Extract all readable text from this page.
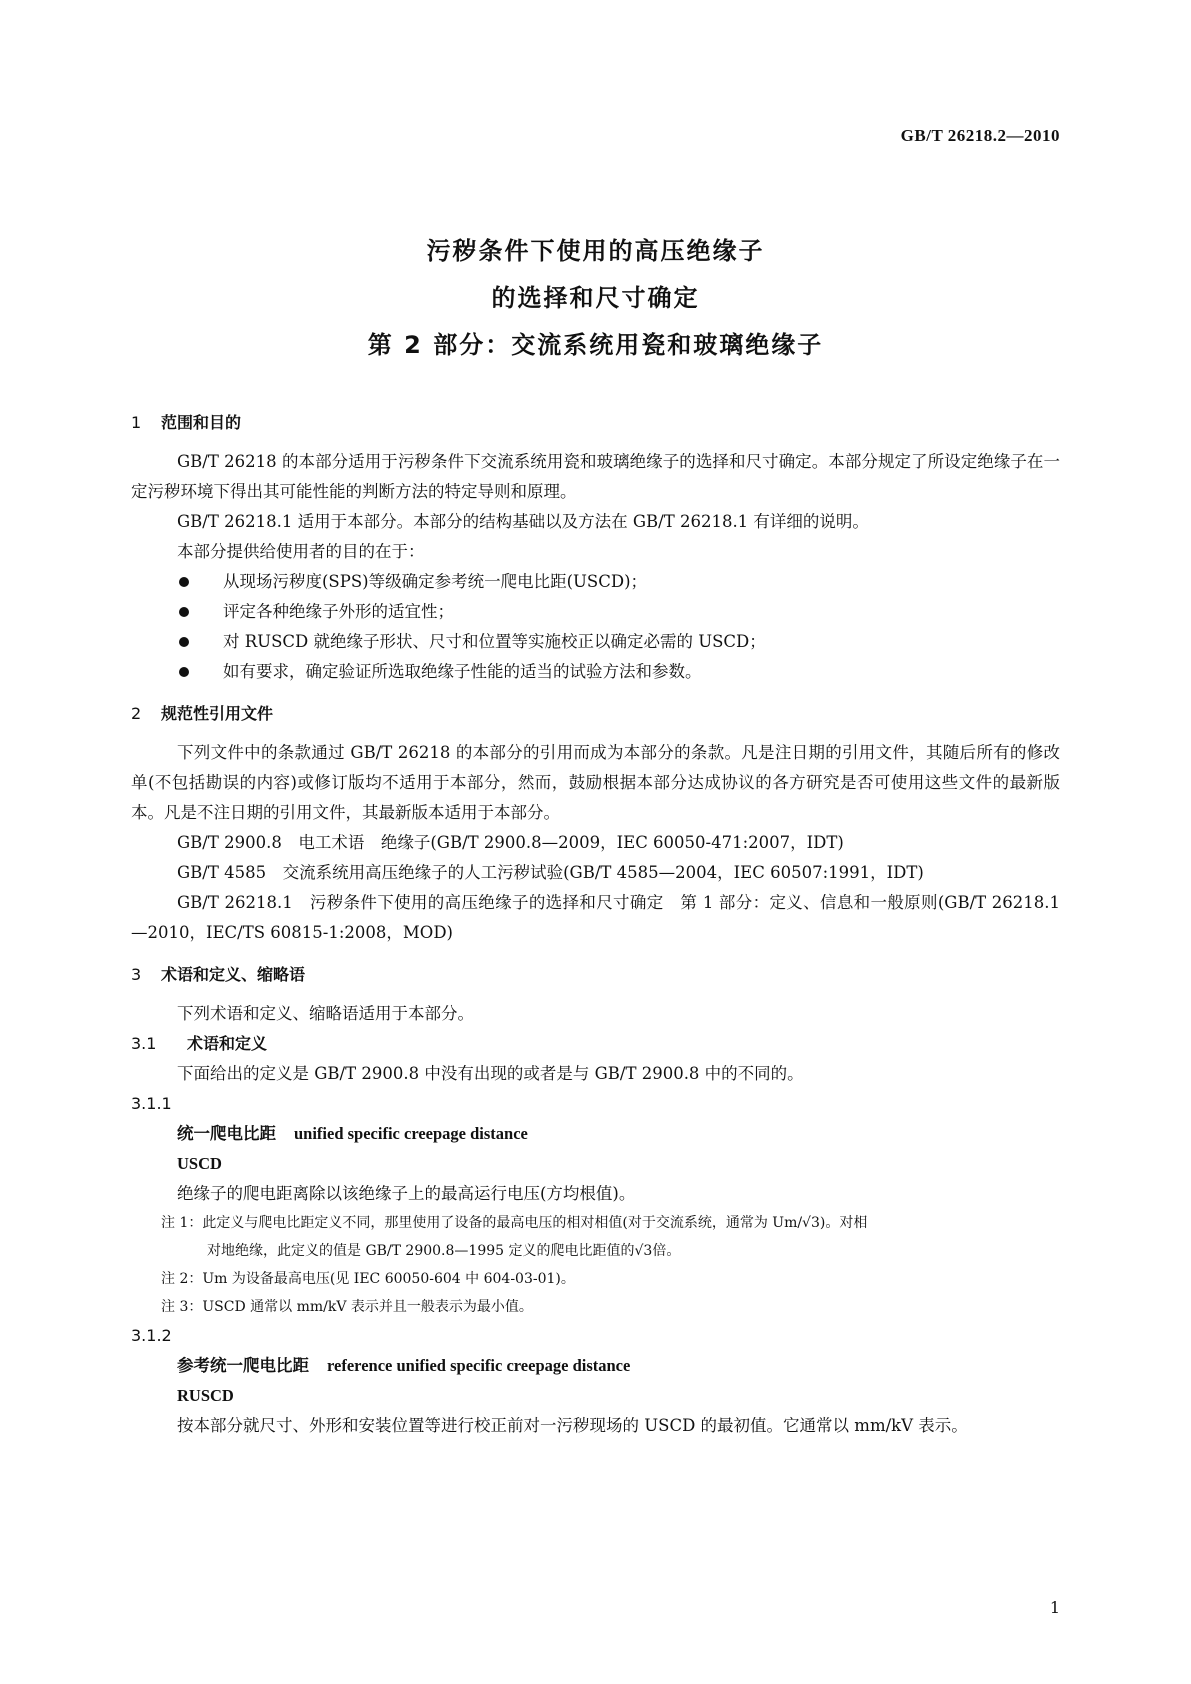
GB/T 26218.2—2010
污秽条件下使用的高压绝缘子
的选择和尺寸确定
第 2 部分：交流系统用瓷和玻璃绝缘子

1 范围和目的

GB/T 26218 的本部分适用于污秽条件下交流系统用瓷和玻璃绝缘子的选择和尺寸确定。本部分规定了所设定绝缘子在一定污秽环境下得出其可能性能的判断方法的特定导则和原理。

GB/T 26218.1 适用于本部分。本部分的结构基础以及方法在 GB/T 26218.1 有详细的说明。

本部分提供给使用者的目的在于：

从现场污秽度(SPS)等级确定参考统一爬电比距(USCD)；
评定各种绝缘子外形的适宜性；
对 RUSCD 就绝缘子形状、尺寸和位置等实施校正以确定必需的 USCD；
如有要求，确定验证所选取绝缘子性能的适当的试验方法和参数。

2 规范性引用文件

下列文件中的条款通过 GB/T 26218 的本部分的引用而成为本部分的条款。凡是注日期的引用文件，其随后所有的修改单(不包括勘误的内容)或修订版均不适用于本部分，然而，鼓励根据本部分达成协议的各方研究是否可使用这些文件的最新版本。凡是不注日期的引用文件，其最新版本适用于本部分。

GB/T 2900.8　电工术语　绝缘子(GB/T 2900.8—2009，IEC 60050-471:2007，IDT)

GB/T 4585　交流系统用高压绝缘子的人工污秽试验(GB/T 4585—2004，IEC 60507:1991，IDT)

GB/T 26218.1　污秽条件下使用的高压绝缘子的选择和尺寸确定　第 1 部分：定义、信息和一般原则(GB/T 26218.1—2010，IEC/TS 60815-1:2008，MOD)

3 术语和定义、缩略语

下列术语和定义、缩略语适用于本部分。

3.1 术语和定义

下面给出的定义是 GB/T 2900.8 中没有出现的或者是与 GB/T 2900.8 中的不同的。

3.1.1

统一爬电比距 unified specific creepage distance

USCD

绝缘子的爬电距离除以该绝缘子上的最高运行电压(方均根值)。

注 1：此定义与爬电比距定义不同，那里使用了设备的最高电压的相对相值(对于交流系统，通常为 Um/√3)。对相

对地绝缘，此定义的值是 GB/T 2900.8—1995 定义的爬电比距值的√3倍。

注 2：Um 为设备最高电压(见 IEC 60050-604 中 604-03-01)。

注 3：USCD 通常以 mm/kV 表示并且一般表示为最小值。

3.1.2

参考统一爬电比距 reference unified specific creepage distance

RUSCD

按本部分就尺寸、外形和安装位置等进行校正前对一污秽现场的 USCD 的最初值。它通常以 mm/kV 表示。

1
